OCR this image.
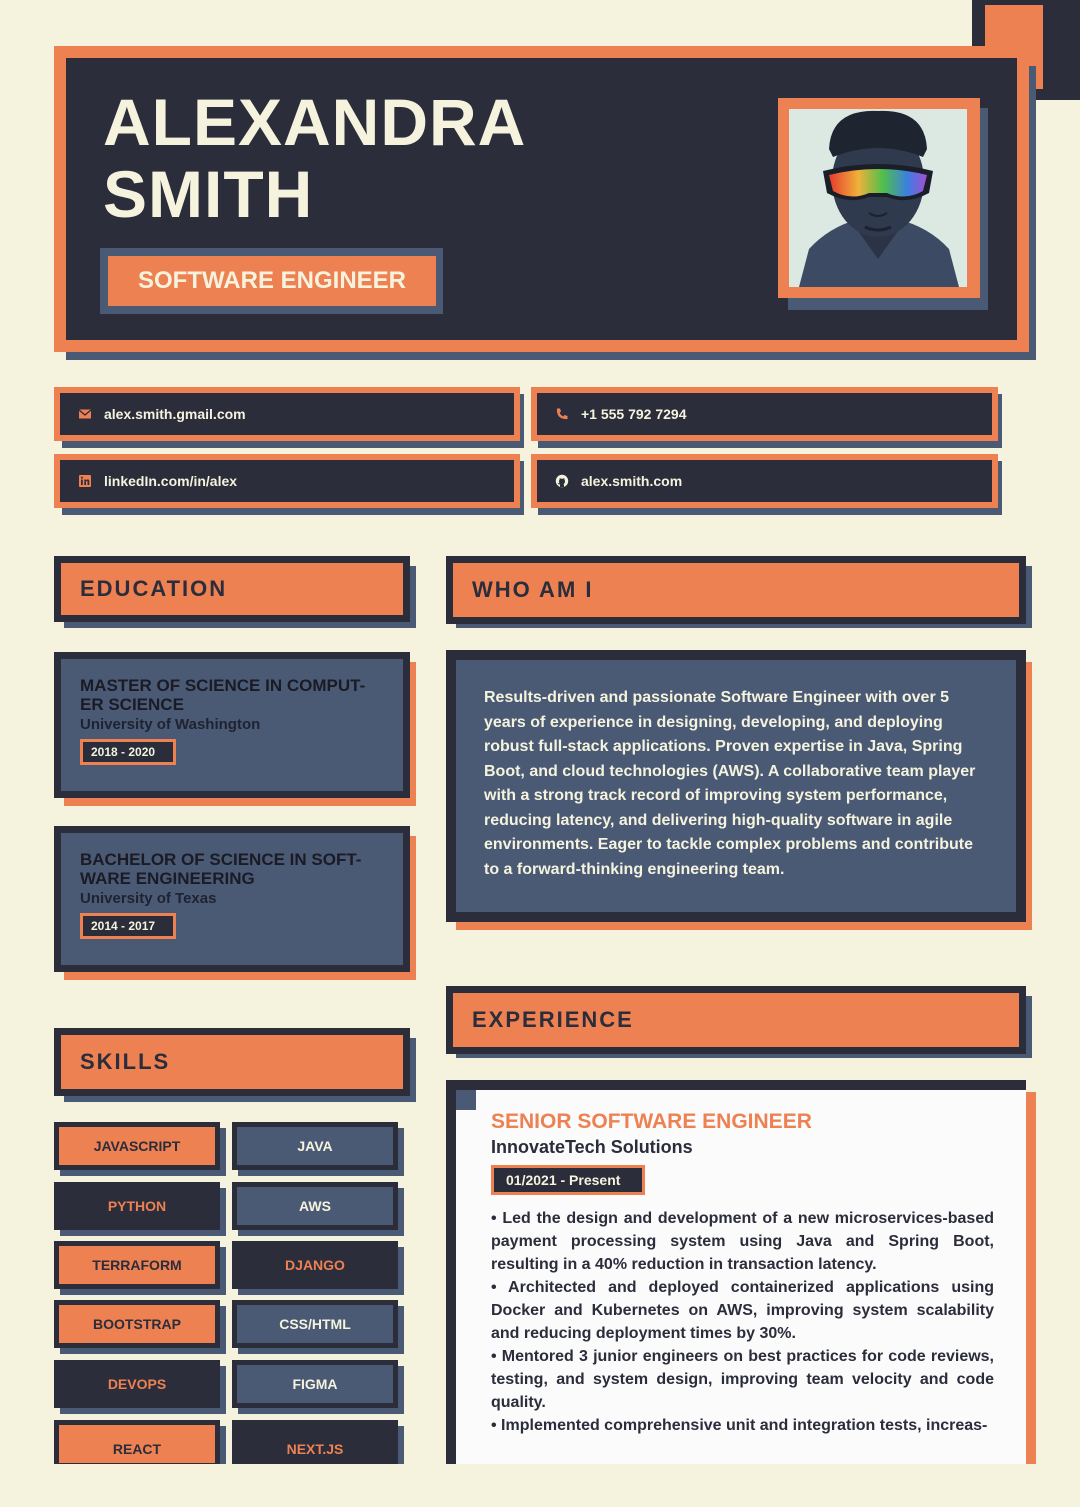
ALEXANDRA
SMITH
SOFTWARE ENGINEER
alex.smith.gmail.com	+1 555 792 7294
linkedIn.com/in/alex	alex.smith.com
EDUCATION
MASTER OF SCIENCE IN COMPUT-ER SCIENCE
University of Washington
2018 - 2020
BACHELOR OF SCIENCE IN SOFT-WARE ENGINEERING
University of Texas
2014 - 2017
WHO AM I
Results-driven and passionate Software Engineer with over 5 years of experience in designing, developing, and deploying robust full-stack applications. Proven expertise in Java, Spring Boot, and cloud technologies (AWS). A collaborative team player with a strong track record of improving system performance, reducing latency, and delivering high-quality software in agile environments. Eager to tackle complex problems and contribute to a forward-thinking engineering team.
SKILLS
JAVASCRIPT	JAVA
PYTHON	AWS
TERRAFORM	DJANGO
BOOTSTRAP	CSS/HTML
DEVOPS	FIGMA
REACT	NEXT.JS
EXPERIENCE
SENIOR SOFTWARE ENGINEER
InnovateTech Solutions
01/2021 - Present
• Led the design and development of a new microservices-based payment processing system using Java and Spring Boot, resulting in a 40% reduction in transaction latency.
• Architected and deployed containerized applications using Docker and Kubernetes on AWS, improving system scalability and reducing deployment times by 30%.
• Mentored 3 junior engineers on best practices for code reviews, testing, and system design, improving team velocity and code quality.
• Implemented comprehensive unit and integration tests, increas-
